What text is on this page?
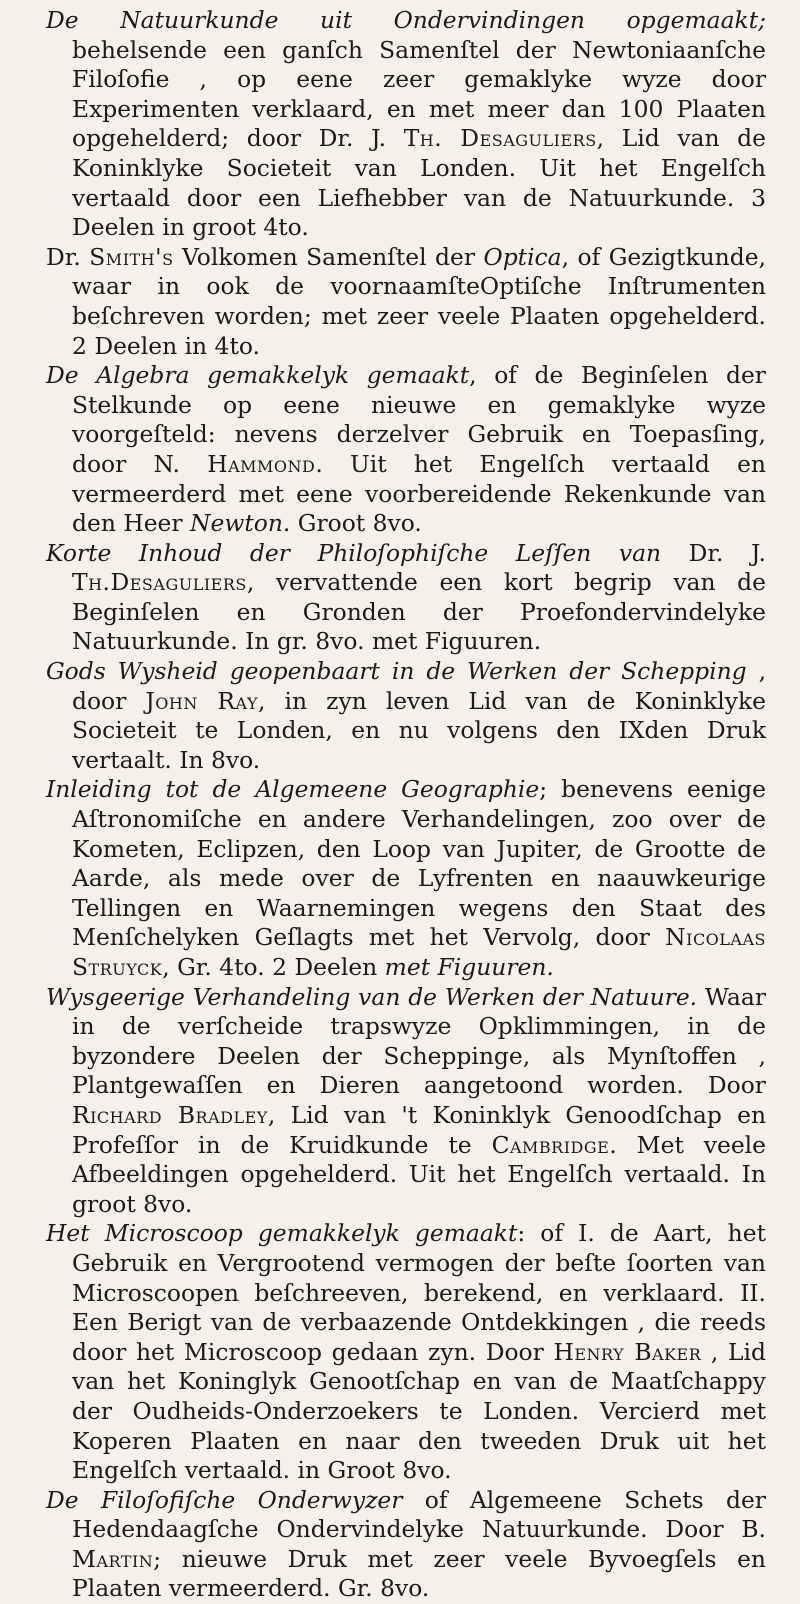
De Natuurkunde uit Ondervindingen opgemaakt; behelsende een ganſch Samenſtel der Newtoniaanſche Filoſofie , op eene zeer gemaklyke wyze door Experimenten verklaard, en met meer dan 100 Plaaten opgehelderd; door Dr. J. Th. Desaguliers, Lid van de Koninklyke Societeit van Londen. Uit het Engelſch vertaald door een Liefhebber van de Natuurkunde. 3 Deelen in groot 4to.

Dr. Smith's Volkomen Samenſtel der Optica, of Gezigtkunde, waar in ook de voornaamſteOptiſche Inſtrumenten beſchreven worden; met zeer veele Plaaten opgehelderd. 2 Deelen in 4to.

De Algebra gemakkelyk gemaakt, of de Beginſelen der Stelkunde op eene nieuwe en gemaklyke wyze voorgeſteld: nevens derzelver Gebruik en Toepasſing, door N. Hammond. Uit het Engelſch vertaald en vermeerderd met eene voorbereidende Rekenkunde van den Heer Newton. Groot 8vo.

Korte Inhoud der Philoſophiſche Leſſen van Dr. J. Th.Desaguliers, vervattende een kort begrip van de Beginſelen en Gronden der Proefondervindelyke Natuurkunde. In gr. 8vo. met Figuuren.

Gods Wysheid geopenbaart in de Werken der Schepping , door John Ray, in zyn leven Lid van de Koninklyke Societeit te Londen, en nu volgens den IXden Druk vertaalt. In 8vo.

Inleiding tot de Algemeene Geographie; benevens eenige Aſtronomiſche en andere Verhandelingen, zoo over de Kometen, Eclipzen, den Loop van Jupiter, de Grootte de Aarde, als mede over de Lyfrenten en naauwkeurige Tellingen en Waarnemingen wegens den Staat des Menſchelyken Geſlagts met het Vervolg, door Nicolaas Struyck, Gr. 4to. 2 Deelen met Figuuren.

Wysgeerige Verhandeling van de Werken der Natuure. Waar in de verſcheide trapswyze Opklimmingen, in de byzondere Deelen der Scheppinge, als Mynſtoffen , Plantgewaſſen en Dieren aangetoond worden. Door Richard Bradley, Lid van 't Koninklyk Genoodſchap en Profeſſor in de Kruidkunde te Cambridge. Met veele Afbeeldingen opgehelderd. Uit het Engelſch vertaald. In groot 8vo.

Het Microscoop gemakkelyk gemaakt: of I. de Aart, het Gebruik en Vergrootend vermogen der beſte ſoorten van Microscoopen beſchreeven, berekend, en verklaard. II. Een Berigt van de verbaazende Ontdekkingen , die reeds door het Microscoop gedaan zyn. Door Henry Baker , Lid van het Koninglyk Genootſchap en van de Maatſchappy der Oudheids-Onderzoekers te Londen. Vercierd met Koperen Plaaten en naar den tweeden Druk uit het Engelſch vertaald. in Groot 8vo.

De Filoſofiſche Onderwyzer of Algemeene Schets der Hedendaagſche Ondervindelyke Natuurkunde. Door B. Martin; nieuwe Druk met zeer veele Byvoegſels en Plaaten vermeerderd. Gr. 8vo.
